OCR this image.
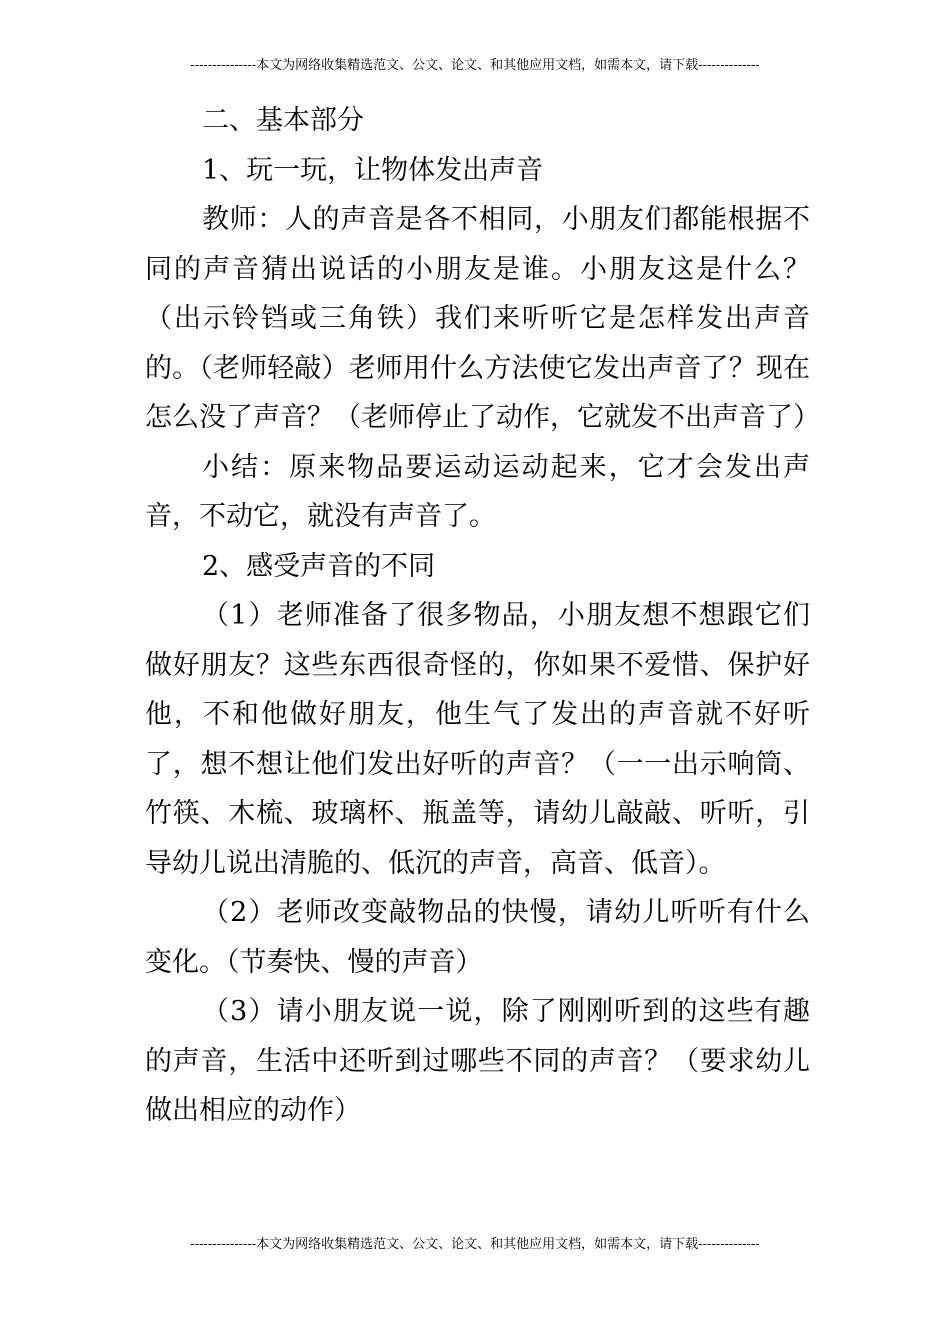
---------------本文为网络收集精选范文、公文、论文、和其他应用文档，如需本文，请下载--------------

二、基本部分

1、玩一玩，让物体发出声音

教师：人的声音是各不相同，小朋友们都能根据不同的声音猜出说话的小朋友是谁。小朋友这是什么？（出示铃铛或三角铁）我们来听听它是怎样发出声音的。（老师轻敲）老师用什么方法使它发出声音了？现在怎么没了声音？（老师停止了动作，它就发不出声音了）

小结：原来物品要运动运动起来，它才会发出声音，不动它，就没有声音了。

2、感受声音的不同

（1）老师准备了很多物品，小朋友想不想跟它们做好朋友？这些东西很奇怪的，你如果不爱惜、保护好他，不和他做好朋友，他生气了发出的声音就不好听了，想不想让他们发出好听的声音？（一一出示响筒、竹筷、木梳、玻璃杯、瓶盖等，请幼儿敲敲、听听，引导幼儿说出清脆的、低沉的声音，高音、低音）。

（2）老师改变敲物品的快慢，请幼儿听听有什么变化。（节奏快、慢的声音）

（3）请小朋友说一说，除了刚刚听到的这些有趣的声音，生活中还听到过哪些不同的声音？（要求幼儿做出相应的动作）

---------------本文为网络收集精选范文、公文、论文、和其他应用文档，如需本文，请下载--------------
